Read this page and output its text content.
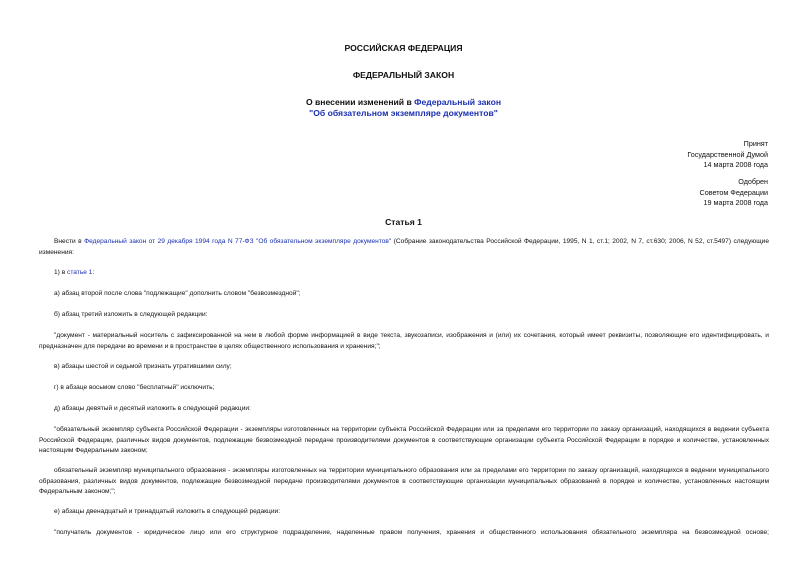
РОССИЙСКАЯ ФЕДЕРАЦИЯ
ФЕДЕРАЛЬНЫЙ ЗАКОН
О внесении изменений в Федеральный закон
"Об обязательном экземпляре документов"
Принят
Государственной Думой
14 марта 2008 года
Одобрен
Советом Федерации
19 марта 2008 года
Статья 1
Внести в Федеральный закон от 29 декабря 1994 года N 77-ФЗ "Об обязательном экземпляре документов" (Собрание законодательства Российской Федерации, 1995, N 1, ст.1; 2002, N 7, ст.630; 2006, N 52, ст.5497) следующие изменения:
1) в статье 1:
а) абзац второй после слова "подлежащие" дополнить словом "безвозмездной";
б) абзац третий изложить в следующей редакции:
"документ - материальный носитель с зафиксированной на нем в любой форме информацией в виде текста, звукозаписи, изображения и (или) их сочетания, который имеет реквизиты, позволяющие его идентифицировать, и предназначен для передачи во времени и в пространстве в целях общественного использования и хранения;";
в) абзацы шестой и седьмой признать утратившими силу;
г) в абзаце восьмом слово "бесплатный" исключить;
д) абзацы девятый и десятый изложить в следующей редакции:
"обязательный экземпляр субъекта Российской Федерации - экземпляры изготовленных на территории субъекта Российской Федерации или за пределами его территории по заказу организаций, находящихся в ведении субъекта Российской Федерации, различных видов документов, подлежащие безвозмездной передаче производителями документов в соответствующие организации субъекта Российской Федерации в порядке и количестве, установленных настоящим Федеральным законом;
обязательный экземпляр муниципального образования - экземпляры изготовленных на территории муниципального образования или за пределами его территории по заказу организаций, находящихся в ведении муниципального образования, различных видов документов, подлежащие безвозмездной передаче производителями документов в соответствующие организации муниципальных образований в порядке и количестве, установленных настоящим Федеральным законом;";
е) абзацы двенадцатый и тринадцатый изложить в следующей редакции:
"получатель документов - юридическое лицо или его структурное подразделение, наделенные правом получения, хранения и общественного использования обязательного экземпляра на безвозмездной основе;
